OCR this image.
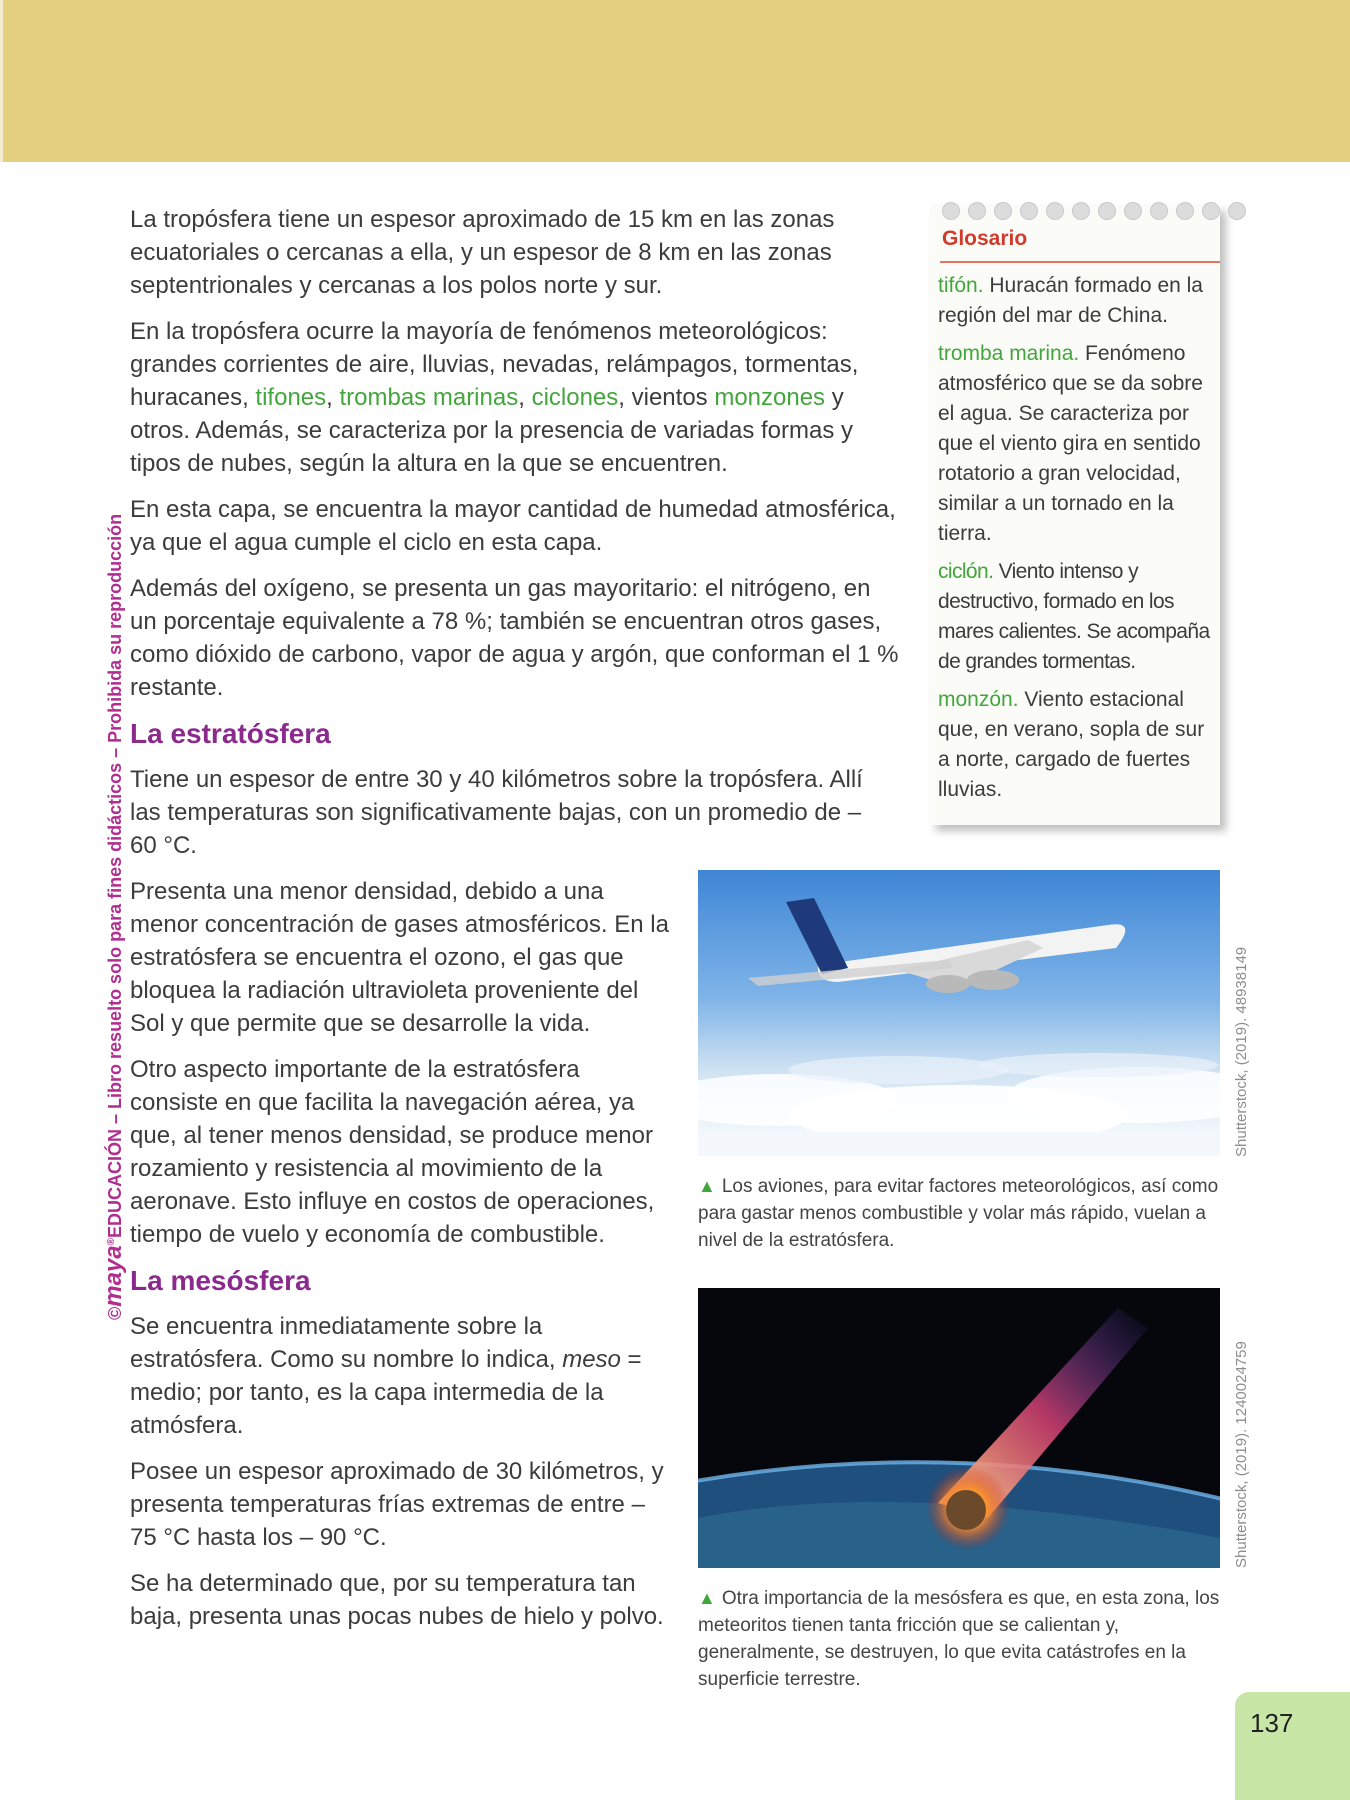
©maya®EDUCACIÓN – Libro resuelto solo para fines didácticos – Prohibida su reproducción

La tropósfera tiene un espesor aproximado de 15 km en las zonas ecuatoriales o cercanas a ella, y un espesor de 8 km en las zonas septentrionales y cercanas a los polos norte y sur.

En la tropósfera ocurre la mayoría de fenómenos meteorológicos: grandes corrientes de aire, lluvias, nevadas, relámpagos, tormentas, huracanes, tifones, trombas marinas, ciclones, vientos monzones y otros. Además, se caracteriza por la presencia de variadas formas y tipos de nubes, según la altura en la que se encuentren.

En esta capa, se encuentra la mayor cantidad de humedad atmosférica, ya que el agua cumple el ciclo en esta capa.

Además del oxígeno, se presenta un gas mayoritario: el nitrógeno, en un porcentaje equivalente a 78 %; también se encuentran otros gases, como dióxido de carbono, vapor de agua y argón, que conforman el 1 % restante.

La estratósfera

Tiene un espesor de entre 30 y 40 kilómetros sobre la tropósfera. Allí las temperaturas son significativamente bajas, con un promedio de – 60 °C.

Presenta una menor densidad, debido a una menor concentración de gases atmosféricos. En la estratósfera se encuentra el ozono, el gas que bloquea la radiación ultravioleta proveniente del Sol y que permite que se desarrolle la vida.

Otro aspecto importante de la estratósfera consiste en que facilita la navegación aérea, ya que, al tener menos densidad, se produce menor rozamiento y resistencia al movimiento de la aeronave. Esto influye en costos de operaciones, tiempo de vuelo y economía de combustible.

La mesósfera

Se encuentra inmediatamente sobre la estratósfera. Como su nombre lo indica, meso = medio; por tanto, es la capa intermedia de la atmósfera.

Posee un espesor aproximado de 30 kilómetros, y presenta temperaturas frías extremas de entre – 75 °C hasta los – 90 °C.

Se ha determinado que, por su temperatura tan baja, presenta unas pocas nubes de hielo y polvo.

Glosario

tifón. Huracán formado en la región del mar de China.

tromba marina. Fenómeno atmosférico que se da sobre el agua. Se caracteriza por que el viento gira en sentido rotatorio a gran velocidad, similar a un tornado en la tierra.

ciclón. Viento intenso y destructivo, formado en los mares calientes. Se acompaña de grandes tormentas.

monzón. Viento estacional que, en verano, sopla de sur a norte, cargado de fuertes lluvias.

Shutterstock, (2019). 48938149
▲ Los aviones, para evitar factores meteorológicos, así como para gastar menos combustible y volar más rápido, vuelan a nivel de la estratósfera.
Shutterstock, (2019). 1240024759
▲ Otra importancia de la mesósfera es que, en esta zona, los meteoritos tienen tanta fricción que se calientan y, generalmente, se destruyen, lo que evita catástrofes en la superficie terrestre.
137
